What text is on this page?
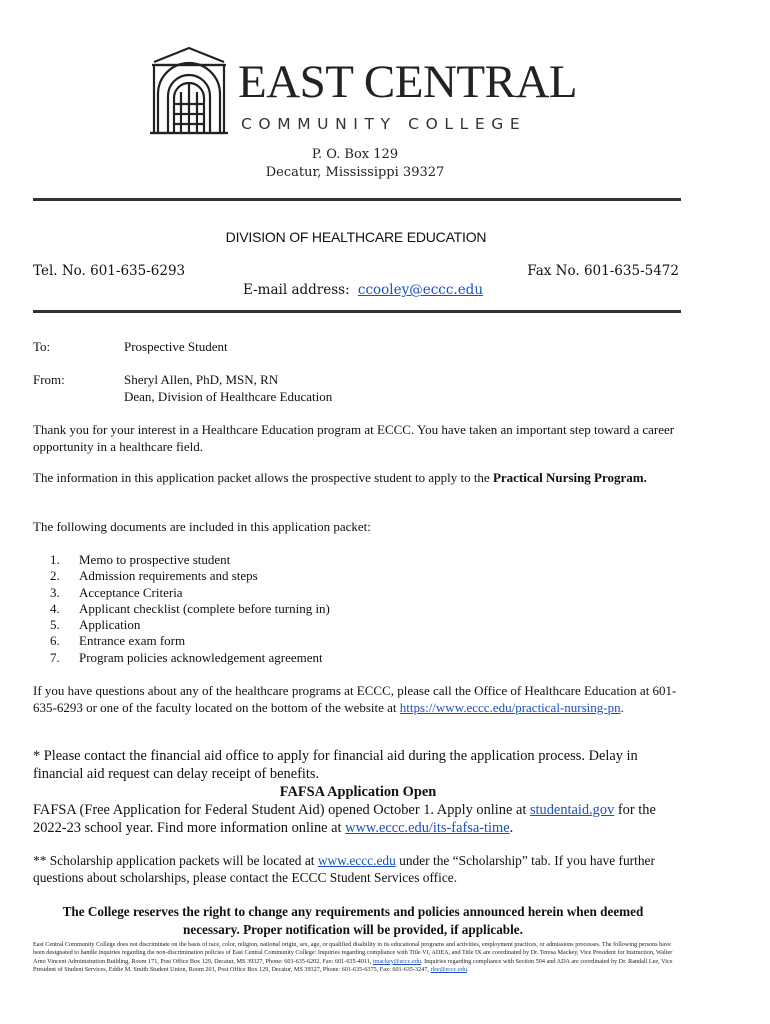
EAST CENTRAL
COMMUNITY COLLEGE
P. O. Box 129
Decatur, Mississippi 39327
DIVISION OF HEALTHCARE EDUCATION
Tel. No. 601-635-6293	Fax No. 601-635-5472
E-mail address: ccooley@eccc.edu
To:	Prospective Student
From:	Sheryl Allen, PhD, MSN, RN
Dean, Division of Healthcare Education
Thank you for your interest in a Healthcare Education program at ECCC. You have taken an important step toward a career opportunity in a healthcare field.
The information in this application packet allows the prospective student to apply to the Practical Nursing Program.
The following documents are included in this application packet:
1. Memo to prospective student
2. Admission requirements and steps
3. Acceptance Criteria
4. Applicant checklist (complete before turning in)
5. Application
6. Entrance exam form
7. Program policies acknowledgement agreement
If you have questions about any of the healthcare programs at ECCC, please call the Office of Healthcare Education at 601-635-6293 or one of the faculty located on the bottom of the website at https://www.eccc.edu/practical-nursing-pn.
* Please contact the financial aid office to apply for financial aid during the application process. Delay in financial aid request can delay receipt of benefits.
FAFSA Application Open
FAFSA (Free Application for Federal Student Aid) opened October 1. Apply online at studentaid.gov for the 2022-23 school year. Find more information online at www.eccc.edu/its-fafsa-time.
** Scholarship application packets will be located at www.eccc.edu under the “Scholarship” tab. If you have further questions about scholarships, please contact the ECCC Student Services office.
The College reserves the right to change any requirements and policies announced herein when deemed necessary. Proper notification will be provided, if applicable.
East Central Community College does not discriminate on the basis of race, color, religion, national origin, sex, age, or qualified disability in its educational programs and activities, employment practices, or admissions processes. The following persons have been designated to handle inquiries regarding the non-discrimination policies of East Central Community College: Inquiries regarding compliance with Title VI, ADEA, and Title IX are coordinated by Dr. Teresa Mackey, Vice President for Instruction, Walter Arno Vincent Administration Building, Room 171, Post Office Box 129, Decatur, MS 39327, Phone: 601-635-6202, Fax: 601-635-4011, tmackey@eccc.edu. Inquiries regarding compliance with Section 504 and ADA are coordinated by Dr. Randall Lee, Vice President of Student Services, Eddie M. Smith Student Union, Room 201, Post Office Box 129, Decatur, MS 39327, Phone: 601-635-6375, Fax: 601-635-3247, rlee@eccc.edu.
